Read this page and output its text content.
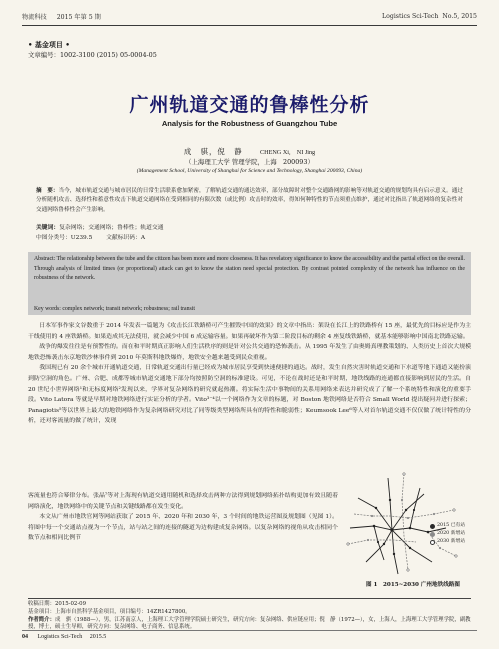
物流科技 2015 年第 5 期	Logistics Sci-Tech No.5, 2015
• 基金项目 •
文章编号：1002-3100 (2015) 05-0004-05
广州轨道交通的鲁棒性分析
Analysis for the Robustness of Guangzhou Tube
成　骐，倪　静	CHENG Xi,　NI Jing
（上海理工大学 管理学院，上海　200093）
(Management School, University of Shanghai for Science and Technology, Shanghai 200093, China)
摘　要：当今，城市轨道交通与城市居民的日常生活联系愈加紧密，了解轨道交通的通达效率，部分故障时对整个交通路网的影响等对轨道交通的规划均具有启示意义。通过分析随机攻击、选择性和蓄意性攻击下轨道交通网络在受到相同的有限次数（或比例）攻击时的效率，得知何种特性的节点须重点维护，通过对比指出了轨道网络的复杂性对交通网络鲁棒性会产生影响。
关键词：复杂网络；交通网络；鲁棒性；轨道交通
中图分类号：U239.5 文献标识码：A
Abstract: The relationship between the tube and the citizen has been more and more closeness. It has revelatory significance to know the accessibility and the partial effect on the overall. Through analysis of limited times (or proportional) attack can get to know the station need special protection. By contrast pointed complexity of the network has influence on the robustness of the network.
Key words: complex network; transit network; robustness; rail transit

日本军事作家文谷数重于 2014 年发表一篇题为《攻击长江铁路桥可产生摧毁中国的效果》的文章中指出：架设在长江上的铁路桥有 15 座，最优先的目标应是作为主干线使用的 4 座铁路桥。如果造成其无法使用，就会减少中国 6 成运输容量。如果再破坏作为第二阶段目标的剩余 4 座复线铁路桥，就基本能够影响中国南北铁路运输。

战争的爆发往往是有预警性的。而在和平时期真正影响人们生活秩序的则是针对公共交通的恐怖袭击。从 1995 年发生了由奥姆真理教策划的、人类历史上首次大规模地铁恐怖袭击东京地铁沙林事件到 2010 年莫斯科地铁爆炸，地铁安全越来越受到民众重视。

我国现已有 20 余个城市开通轨道交通，日常轨道交通出行量已经成为城市居民享受到快速便捷的通达。战时，发生自然灾害时轨道交通和下水道等地下通道又能扮演到防空洞的角色。广州、合肥、成都等城市轨道交通地下部分均按照防空洞的标准建设。可见，不论在战时还是和平时期，地铁线路的连通都直接影响到居民的生活。自 20 世纪小世界网络¹和无标度网络²发现以来，学界对复杂网络的研究就起热潮。将实际生活中事物间的关系用网络来表达并研究成了了解一个系统特性和演化的重要手段。Vito Latora 等就是早期对地铁网络进行实证分析的学者。Vito³⁻⁴以一个网络作为文章的标题，对 Boston 地铁网络是否符合 Small World 提出疑问并进行探索；Panagiotis⁵等以世界上最大的地铁网络作为复杂网络研究对比了同等级类型网络所具有的特性和脆弱性；Keumsook Lee⁶等人对首尔轨道交通不仅仅做了统计特性的分析，还对客流量的做了统计，发现

客流量也符合幂律分布。张晶⁷等对上海现有轨道交通用随机和选择攻击两种方法得到规划网络拓扑结构更加有效且随着网络演化，地铁网络中的关键节点和关键线路都在发生变化。

本文从广州市地铁官网等网站获取了 2015 年、2020 年和 2030 年，3 个时间的地铁运营图及规划图（见图 1）。将图中每一个交通站点视为一个节点，站与站之间的连接的隧道为边构建成复杂网络。以复杂网络的视角从攻击相同个数节点和相同比例节

2015 已有站
2020 新增站
2030 新增站
图 1　2015~2030 广州地铁线路图
收稿日期：2015-02-09
基金项目：上海市自然科学基金项目，项目编号：14ZR1427800。
作者简介：成　骐（1988—），男，江苏南京人，上海理工大学管理学院硕士研究生，研究方向：复杂网络、供应链应用；倪　静（1972—），女，上海人，上海理工大学管理学院，副教授，博士，硕士生导师，研究方向：复杂网络、电子商务、信息系统。
04 Logistics Sci-Tech 2015.5
